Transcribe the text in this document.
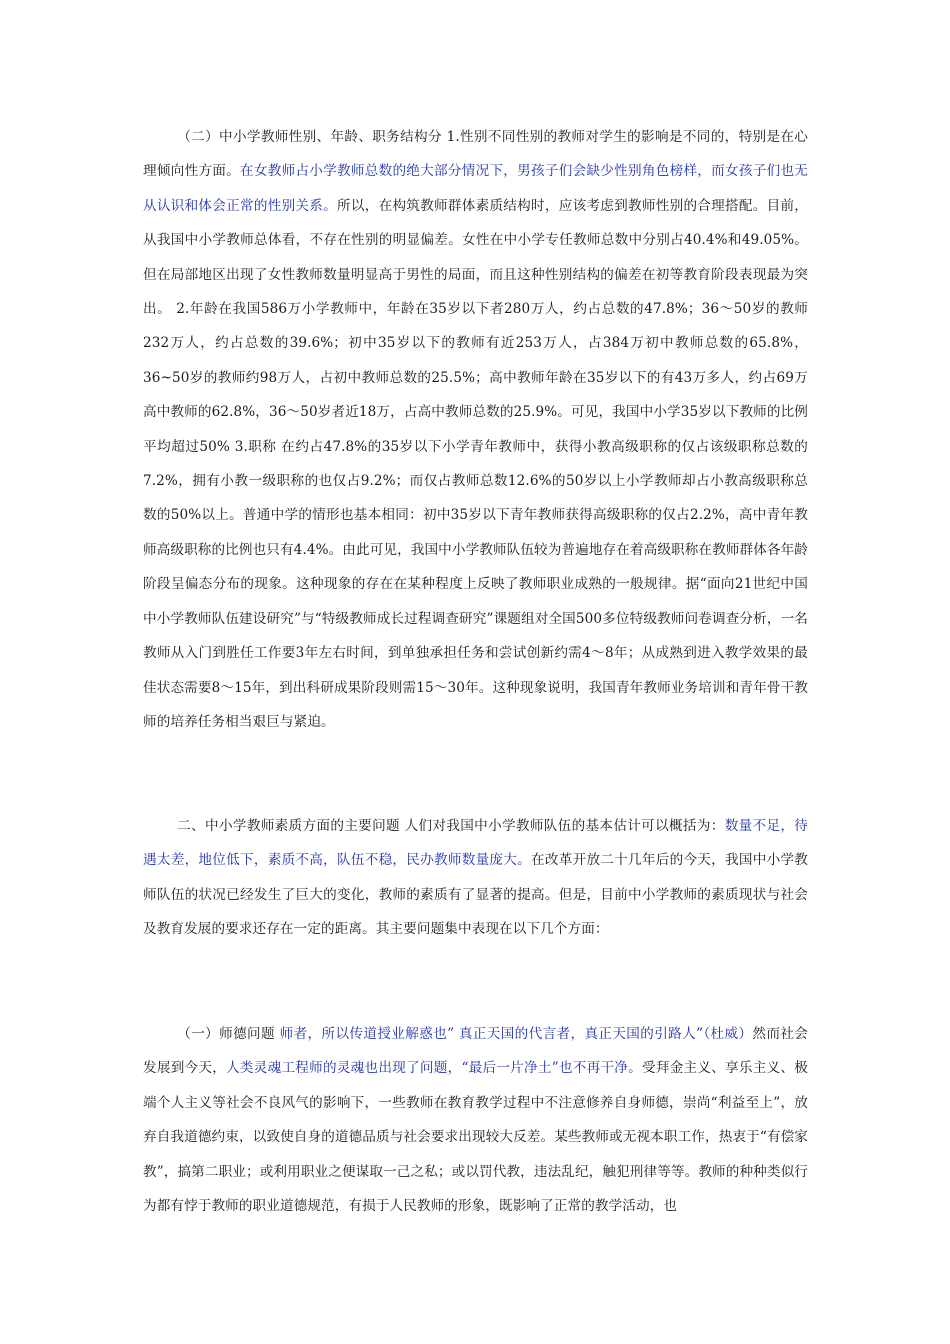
（二）中小学教师性别、年龄、职务结构分 1.性别不同性别的教师对学生的影响是不同的，特别是在心理倾向性方面。在女教师占小学教师总数的绝大部分情况下，男孩子们会缺少性别角色榜样，而女孩子们也无从认识和体会正常的性别关系。所以，在构筑教师群体素质结构时，应该考虑到教师性别的合理搭配。目前，从我国中小学教师总体看，不存在性别的明显偏差。女性在中小学专任教师总数中分别占40.4%和49.05%。但在局部地区出现了女性教师数量明显高于男性的局面，而且这种性别结构的偏差在初等教育阶段表现最为突出。 2.年龄在我国586万小学教师中，年龄在35岁以下者280万人，约占总数的47.8%；36～50岁的教师232万人，约占总数的39.6%；初中35岁以下的教师有近253万人，占384万初中教师总数的65.8%，36~50岁的教师约98万人，占初中教师总数的25.5%；高中教师年龄在35岁以下的有43万多人，约占69万高中教师的62.8%，36～50岁者近18万，占高中教师总数的25.9%。可见，我国中小学35岁以下教师的比例平均超过50% 3.职称 在约占47.8%的35岁以下小学青年教师中，获得小教高级职称的仅占该级职称总数的7.2%，拥有小教一级职称的也仅占9.2%；而仅占教师总数12.6%的50岁以上小学教师却占小教高级职称总数的50%以上。普通中学的情形也基本相同：初中35岁以下青年教师获得高级职称的仅占2.2%，高中青年教师高级职称的比例也只有4.4%。由此可见，我国中小学教师队伍较为普遍地存在着高级职称在教师群体各年龄阶段呈偏态分布的现象。这种现象的存在在某种程度上反映了教师职业成熟的一般规律。据“面向21世纪中国中小学教师队伍建设研究”与“特级教师成长过程调查研究”课题组对全国500多位特级教师问卷调查分析，一名教师从入门到胜任工作要3年左右时间，到单独承担任务和尝试创新约需4～8年；从成熟到进入教学效果的最佳状态需要8～15年，到出科研成果阶段则需15～30年。这种现象说明，我国青年教师业务培训和青年骨干教师的培养任务相当艰巨与紧迫。

二、中小学教师素质方面的主要问题 人们对我国中小学教师队伍的基本估计可以概括为：数量不足，待遇太差，地位低下，素质不高，队伍不稳，民办教师数量庞大。在改革开放二十几年后的今天，我国中小学教师队伍的状况已经发生了巨大的变化，教师的素质有了显著的提高。但是，目前中小学教师的素质现状与社会及教育发展的要求还存在一定的距离。其主要问题集中表现在以下几个方面：

（一）师德问题 师者，所以传道授业解惑也” 真正天国的代言者，真正天国的引路人”（杜威）然而社会发展到今天，人类灵魂工程师的灵魂也出现了问题，“最后一片净土”也不再干净。受拜金主义、享乐主义、极端个人主义等社会不良风气的影响下，一些教师在教育教学过程中不注意修养自身师德，崇尚“利益至上”，放弃自我道德约束，以致使自身的道德品质与社会要求出现较大反差。某些教师或无视本职工作，热衷于“有偿家教”，搞第二职业；或利用职业之便谋取一己之私；或以罚代教，违法乱纪，触犯刑律等等。教师的种种类似行为都有悖于教师的职业道德规范，有损于人民教师的形象，既影响了正常的教学活动，也
